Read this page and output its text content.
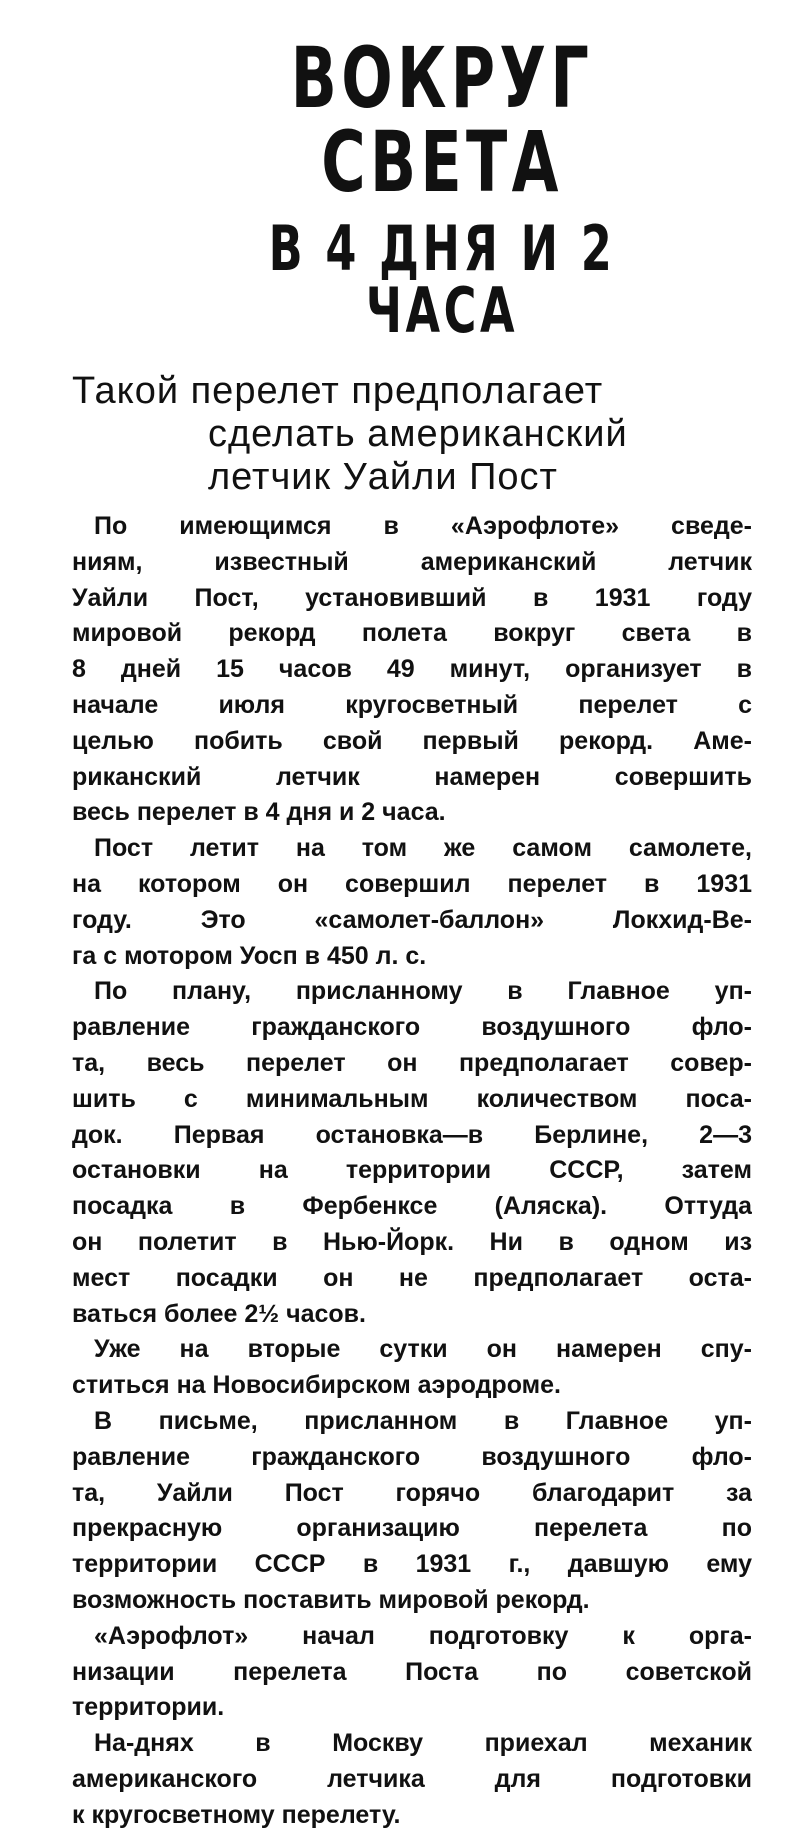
ВОКРУГ СВЕТА
В 4 ДНЯ И 2 ЧАСА
Такой перелет предполагает
сделать американский
летчик Уайли Пост

По имеющимся в «Аэрофлоте» сведе-
ниям, известный американский летчик
Уайли Пост, установивший в 1931 году
мировой рекорд полета вокруг света в
8 дней 15 часов 49 минут, организует в
начале июля кругосветный перелет с
целью побить свой первый рекорд. Аме-
риканский летчик намерен совершить
весь перелет в 4 дня и 2 часа.

Пост летит на том же самом самолете,
на котором он совершил перелет в 1931
году. Это «самолет-баллон» Локхид-Ве-
га с мотором Уосп в 450 л. с.

По плану, присланному в Главное уп-
равление гражданского воздушного фло-
та, весь перелет он предполагает совер-
шить с минимальным количеством поса-
док. Первая остановка—в Берлине, 2—3
остановки на территории СССР, затем
посадка в Фербенксе (Аляска). Оттуда
он полетит в Нью-Йорк. Ни в одном из
мест посадки он не предполагает оста-
ваться более 2½ часов.

Уже на вторые сутки он намерен спу-
ститься на Новосибирском аэродроме.

В письме, присланном в Главное уп-
равление гражданского воздушного фло-
та, Уайли Пост горячо благодарит за
прекрасную организацию перелета по
территории СССР в 1931 г., давшую ему
возможность поставить мировой рекорд.

«Аэрофлот» начал подготовку к орга-
низации перелета Поста по советской
территории.

На-днях в Москву приехал механик
американского летчика для подготовки
к кругосветному перелету.
